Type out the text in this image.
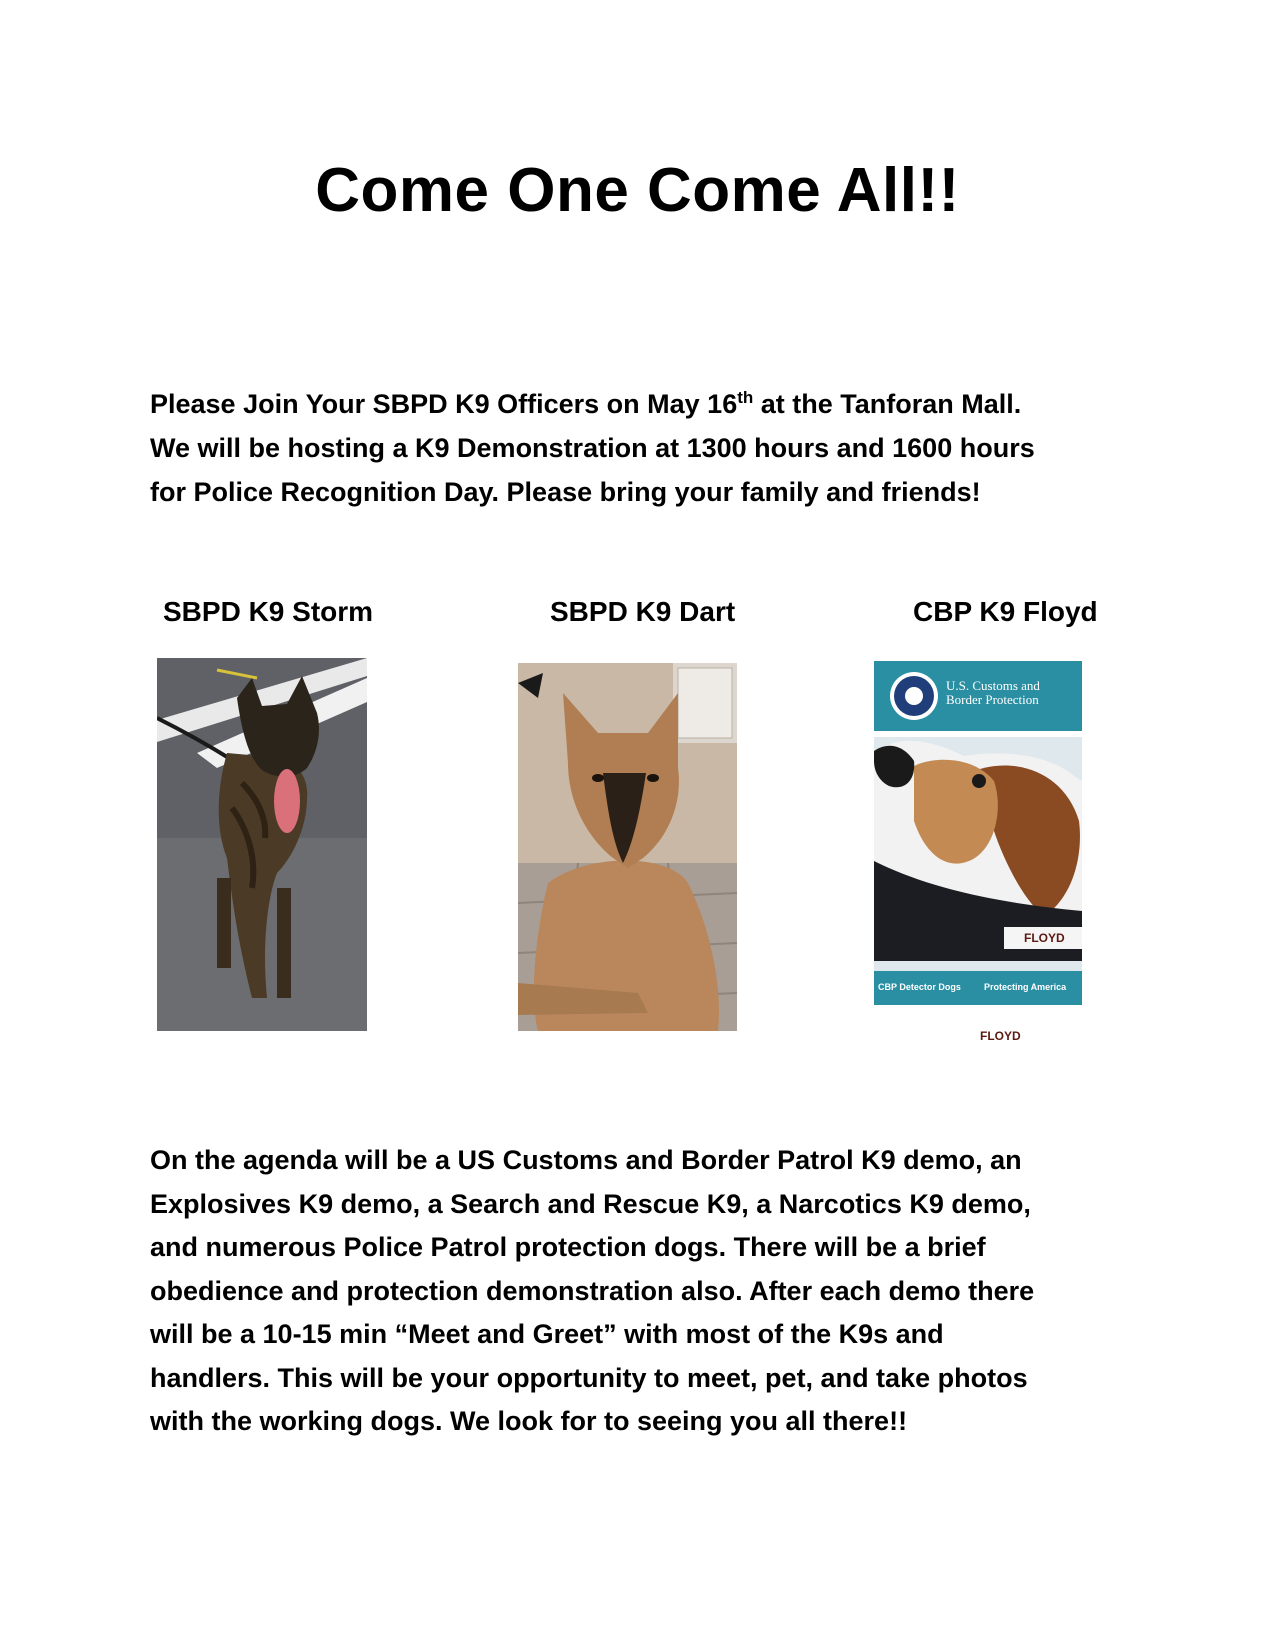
Come One Come All!!

Please Join Your SBPD K9 Officers on May 16th at the Tanforan Mall.

We will be hosting a K9 Demonstration at 1300 hours and 1600 hours

for Police Recognition Day. Please bring your family and friends!

SBPD K9 Storm	SBPD K9 Dart	CBP K9 Floyd
U.S. Customs and
Border Protection
FLOYD
CBP Detector Dogs	Protecting America
FLOYD
On the agenda will be a US Customs and Border Patrol K9 demo, an
Explosives K9 demo, a Search and Rescue K9, a Narcotics K9 demo,
and numerous Police Patrol protection dogs. There will be a brief
obedience and protection demonstration also. After each demo there
will be a 10-15 min “Meet and Greet” with most of the K9s and
handlers. This will be your opportunity to meet, pet, and take photos
with the working dogs. We look for to seeing you all there!!
